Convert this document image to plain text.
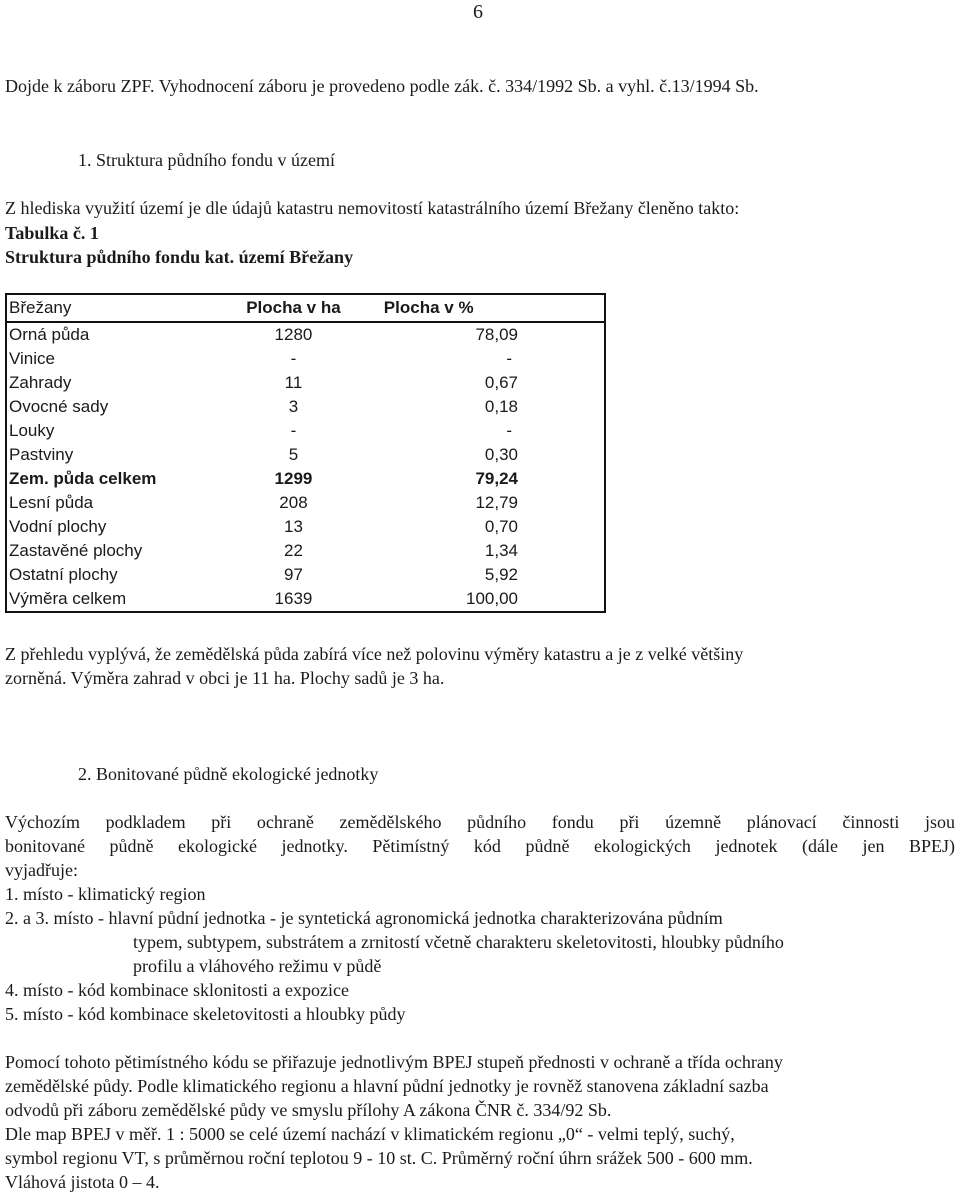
6
Dojde k záboru ZPF. Vyhodnocení záboru je provedeno podle zák. č. 334/1992 Sb. a vyhl. č.13/1994 Sb.
1. Struktura půdního fondu v území
Z hlediska využití území je dle údajů katastru nemovitostí katastrálního území Břežany členěno takto:
Tabulka č. 1
Struktura půdního fondu kat. území Břežany
Břežany	Plocha v ha	Plocha v %
Orná půda	1280	78,09
Vinice	-	-
Zahrady	11	0,67
Ovocné sady	3	0,18
Louky	-	-
Pastviny	5	0,30
Zem. půda celkem	1299	79,24
Lesní půda	208	12,79
Vodní plochy	13	0,70
Zastavěné plochy	22	1,34
Ostatní plochy	97	5,92
Výměra celkem	1639	100,00
Z přehledu vyplývá, že zemědělská půda zabírá více než polovinu výměry katastru a je z velké většiny
zorněná. Výměra zahrad v obci je 11 ha. Plochy sadů je 3 ha.
2. Bonitované půdně ekologické jednotky
Výchozím podkladem při ochraně zemědělského půdního fondu při územně plánovací činnosti jsou
bonitované půdně ekologické jednotky. Pětimístný kód půdně ekologických jednotek (dále jen BPEJ)
vyjadřuje:
1. místo - klimatický region
2. a 3. místo - hlavní půdní jednotka - je syntetická agronomická jednotka charakterizována půdním
typem, subtypem, substrátem a zrnitostí včetně charakteru skeletovitosti, hloubky půdního
profilu a vláhového režimu v půdě
4. místo - kód kombinace sklonitosti a expozice
5. místo - kód kombinace skeletovitosti a hloubky půdy
Pomocí tohoto pětimístného kódu se přiřazuje jednotlivým BPEJ stupeň přednosti v ochraně a třída ochrany
zemědělské půdy. Podle klimatického regionu a hlavní půdní jednotky je rovněž stanovena základní sazba
odvodů při záboru zemědělské půdy ve smyslu přílohy A zákona ČNR č. 334/92 Sb.
Dle map BPEJ v měř. 1 : 5000 se celé území nachází v klimatickém regionu „0“ - velmi teplý, suchý,
symbol regionu VT, s průměrnou roční teplotou 9 - 10 st. C. Průměrný roční úhrn srážek 500 - 600 mm.
Vláhová jistota 0 – 4.
